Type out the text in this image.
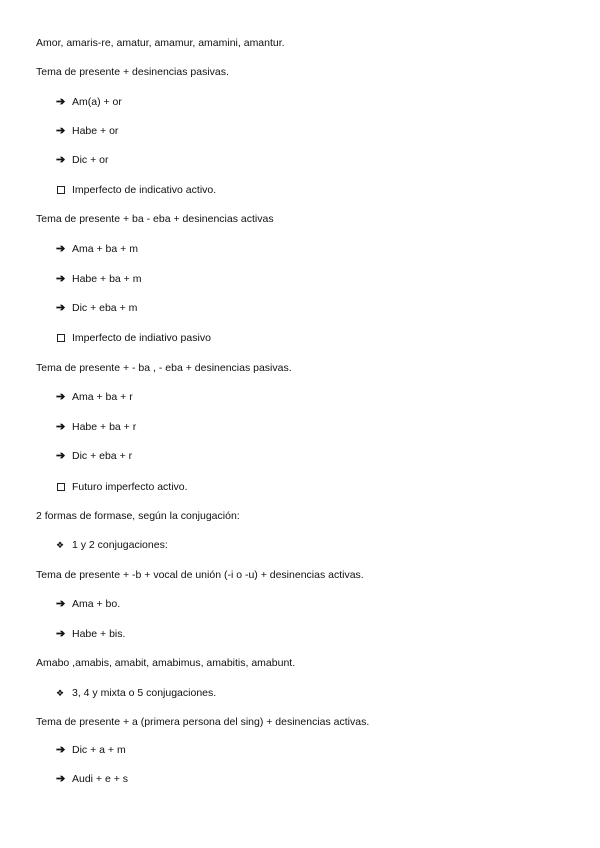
Amor, amaris-re, amatur, amamur, amamini, amantur.
Tema de presente + desinencias pasivas.
➔ Am(a) + or
➔ Habe + or
➔ Dic + or
Imperfecto de indicativo activo.
Tema de presente + ba - eba + desinencias activas
➔ Ama + ba + m
➔ Habe + ba + m
➔ Dic + eba + m
Imperfecto de indiativo pasivo
Tema de presente + - ba , - eba + desinencias pasivas.
➔ Ama + ba + r
➔ Habe + ba + r
➔ Dic + eba + r
Futuro imperfecto activo.
2 formas de formase, según la conjugación:
❖ 1 y 2 conjugaciones:
Tema de presente + -b + vocal de unión (-i o -u) + desinencias activas.
➔ Ama + bo.
➔ Habe + bis.
Amabo ,amabis, amabit, amabimus, amabitis, amabunt.
❖ 3, 4 y mixta o 5 conjugaciones.
Tema de presente + a (primera persona del sing) + desinencias activas.
➔ Dic + a + m
➔ Audi + e + s
